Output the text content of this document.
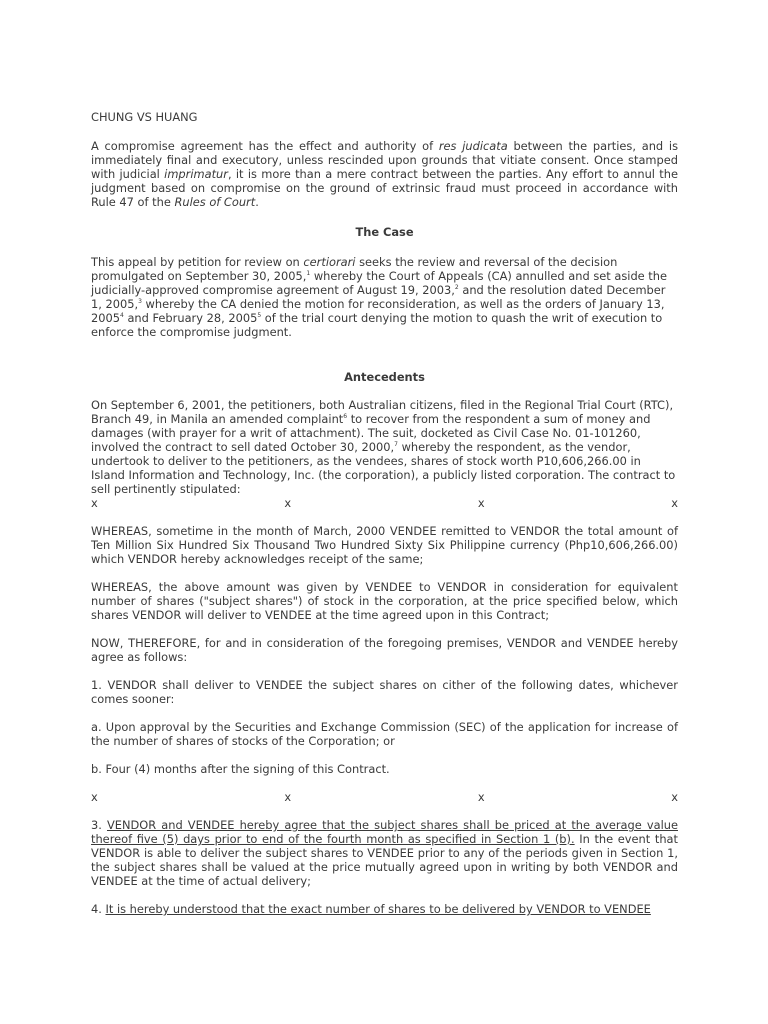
CHUNG VS HUANG

A compromise agreement has the effect and authority of res judicata between the parties, and is immediately final and executory, unless rescinded upon grounds that vitiate consent. Once stamped with judicial imprimatur, it is more than a mere contract between the parties. Any effort to annul the judgment based on compromise on the ground of extrinsic fraud must proceed in accordance with Rule 47 of the Rules of Court.

The Case

This appeal by petition for review on certiorari seeks the review and reversal of the decision promulgated on September 30, 2005,$^1$ whereby the Court of Appeals (CA) annulled and set aside the judicially-approved compromise agreement of August 19, 2003,$^2$ and the resolution dated December 1, 2005,$^3$ whereby the CA denied the motion for reconsideration, as well as the orders of January 13, 2005$^4$ and February 28, 2005$^5$ of the trial court denying the motion to quash the writ of execution to enforce the compromise judgment.

Antecedents

On September 6, 2001, the petitioners, both Australian citizens, filed in the Regional Trial Court (RTC), Branch 49, in Manila an amended complaint$^6$ to recover from the respondent a sum of money and damages (with prayer for a writ of attachment). The suit, docketed as Civil Case No. 01-101260, involved the contract to sell dated October 30, 2000,$^7$ whereby the respondent, as the vendor, undertook to deliver to the petitioners, as the vendees, shares of stock worth P10,606,266.00 in Island Information and Technology, Inc. (the corporation), a publicly listed corporation. The contract to sell pertinently stipulated:

x	x	x	x

WHEREAS, sometime in the month of March, 2000 VENDEE remitted to VENDOR the total amount of Ten Million Six Hundred Six Thousand Two Hundred Sixty Six Philippine currency (Php10,606,266.00) which VENDOR hereby acknowledges receipt of the same;

WHEREAS, the above amount was given by VENDEE to VENDOR in consideration for equivalent number of shares ("subject shares") of stock in the corporation, at the price specified below, which shares VENDOR will deliver to VENDEE at the time agreed upon in this Contract;

NOW, THEREFORE, for and in consideration of the foregoing premises, VENDOR and VENDEE hereby agree as follows:

1. VENDOR shall deliver to VENDEE the subject shares on cither of the following dates, whichever comes sooner:

a. Upon approval by the Securities and Exchange Commission (SEC) of the application for increase of the number of shares of stocks of the Corporation; or

b. Four (4) months after the signing of this Contract.

x	x	x	x

3. VENDOR and VENDEE hereby agree that the subject shares shall be priced at the average value thereof five (5) days prior to end of the fourth month as specified in Section 1 (b). In the event that VENDOR is able to deliver the subject shares to VENDEE prior to any of the periods given in Section 1, the subject shares shall be valued at the price mutually agreed upon in writing by both VENDOR and VENDEE at the time of actual delivery;

4. It is hereby understood that the exact number of shares to be delivered by VENDOR to VENDEE
